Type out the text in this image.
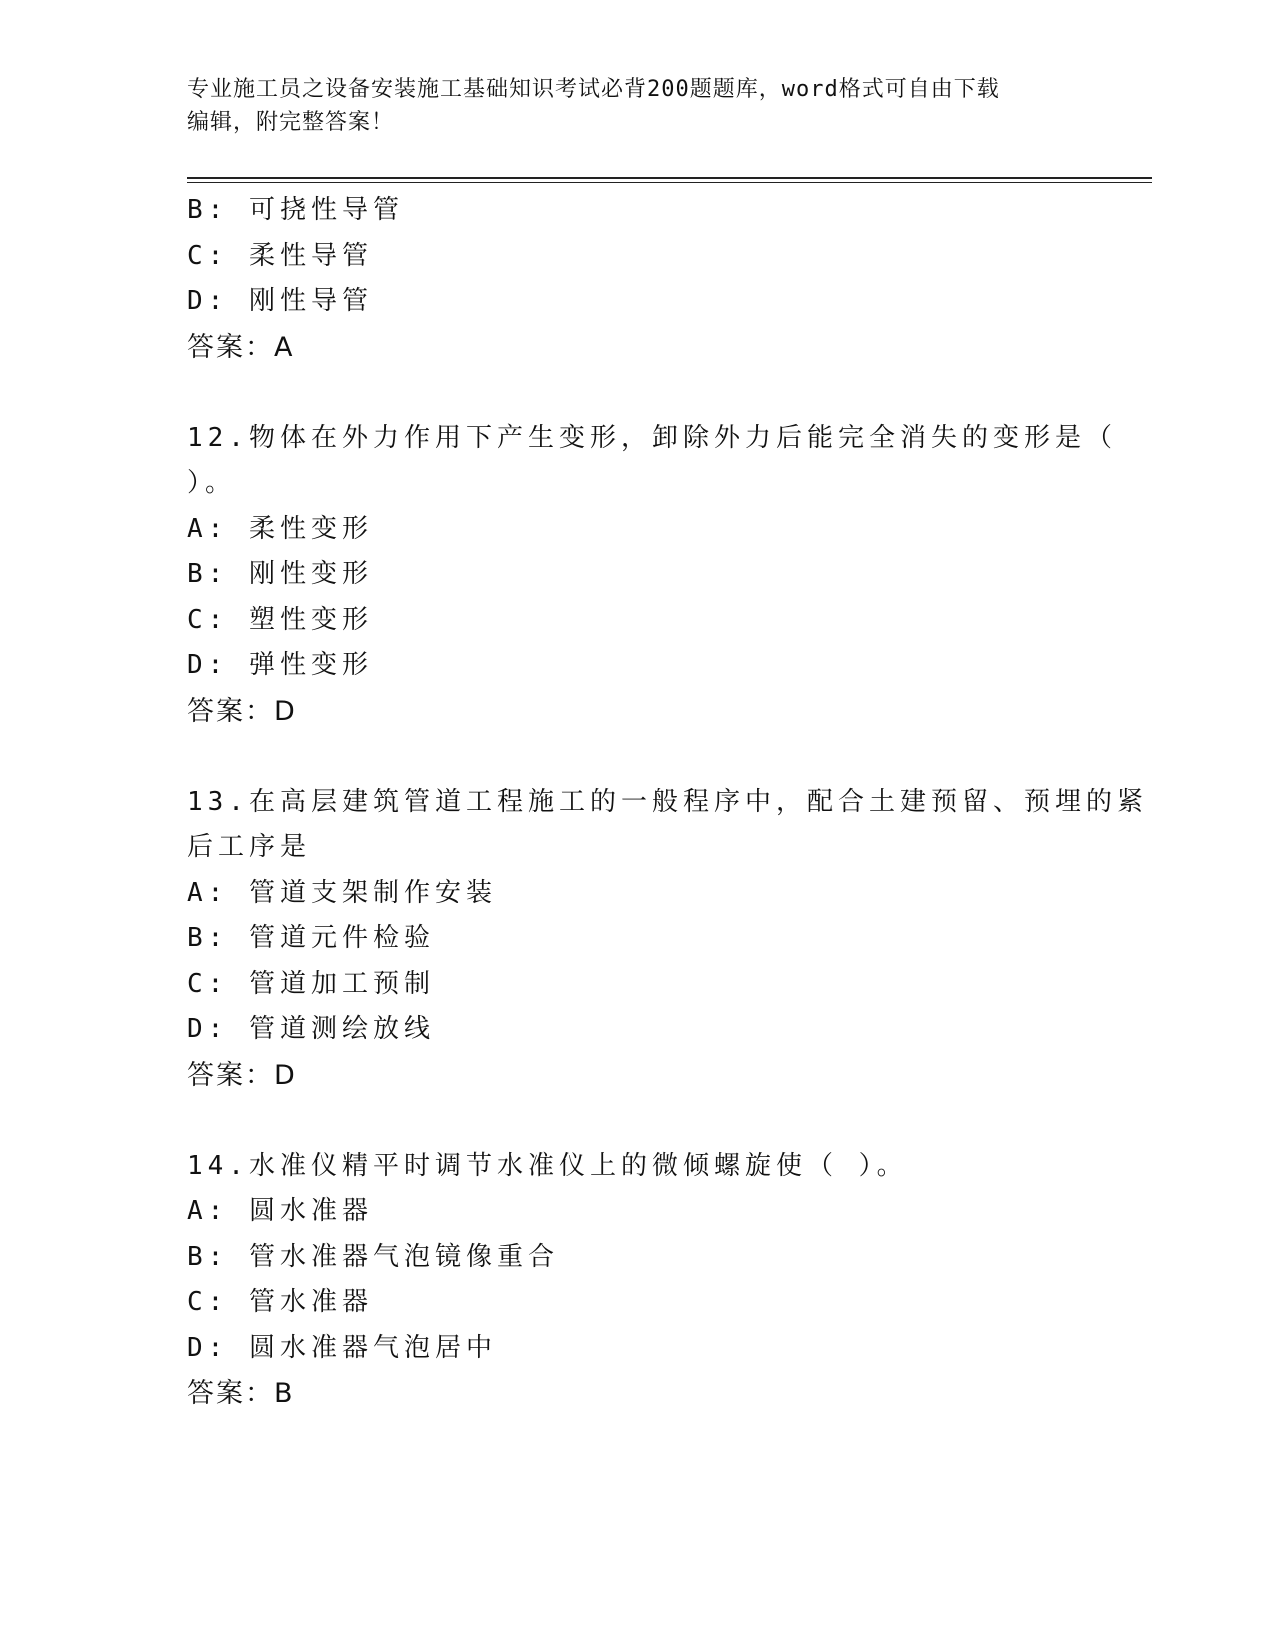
专业施工员之设备安装施工基础知识考试必背200题题库，word格式可自由下载
编辑，附完整答案！
B: 可挠性导管
C: 柔性导管
D: 刚性导管
答案：A
12.物体在外力作用下产生变形，卸除外力后能完全消失的变形是（
）。
A: 柔性变形
B: 刚性变形
C: 塑性变形
D: 弹性变形
答案：D
13.在高层建筑管道工程施工的一般程序中，配合土建预留、预埋的紧
后工序是
A: 管道支架制作安装
B: 管道元件检验
C: 管道加工预制
D: 管道测绘放线
答案：D
14.水准仪精平时调节水准仪上的微倾螺旋使（ ）。
A: 圆水准器
B: 管水准器气泡镜像重合
C: 管水准器
D: 圆水准器气泡居中
答案：B
